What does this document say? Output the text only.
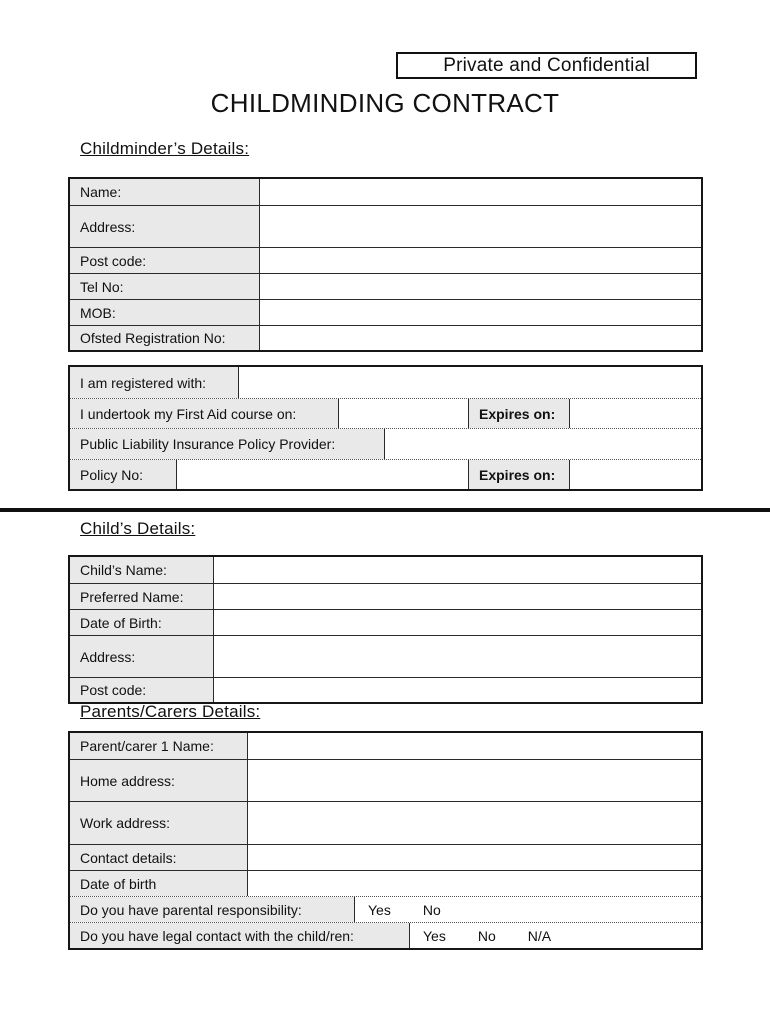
Private and Confidential
CHILDMINDING CONTRACT
Childminder’s Details:
Name:
Address:
Post code:
Tel No:
MOB:
Ofsted Registration No:
I am registered with:
I undertook my First Aid course on:	Expires on:
Public Liability Insurance Policy Provider:
Policy No:	Expires on:
Child’s Details:
Child’s Name:
Preferred Name:
Date of Birth:
Address:
Post code:
Parents/Carers Details:
Parent/carer 1 Name:
Home address:
Work address:
Contact details:
Date of birth
Do you have parental responsibility:	Yes No
Do you have legal contact with the child/ren:	Yes No N/A
